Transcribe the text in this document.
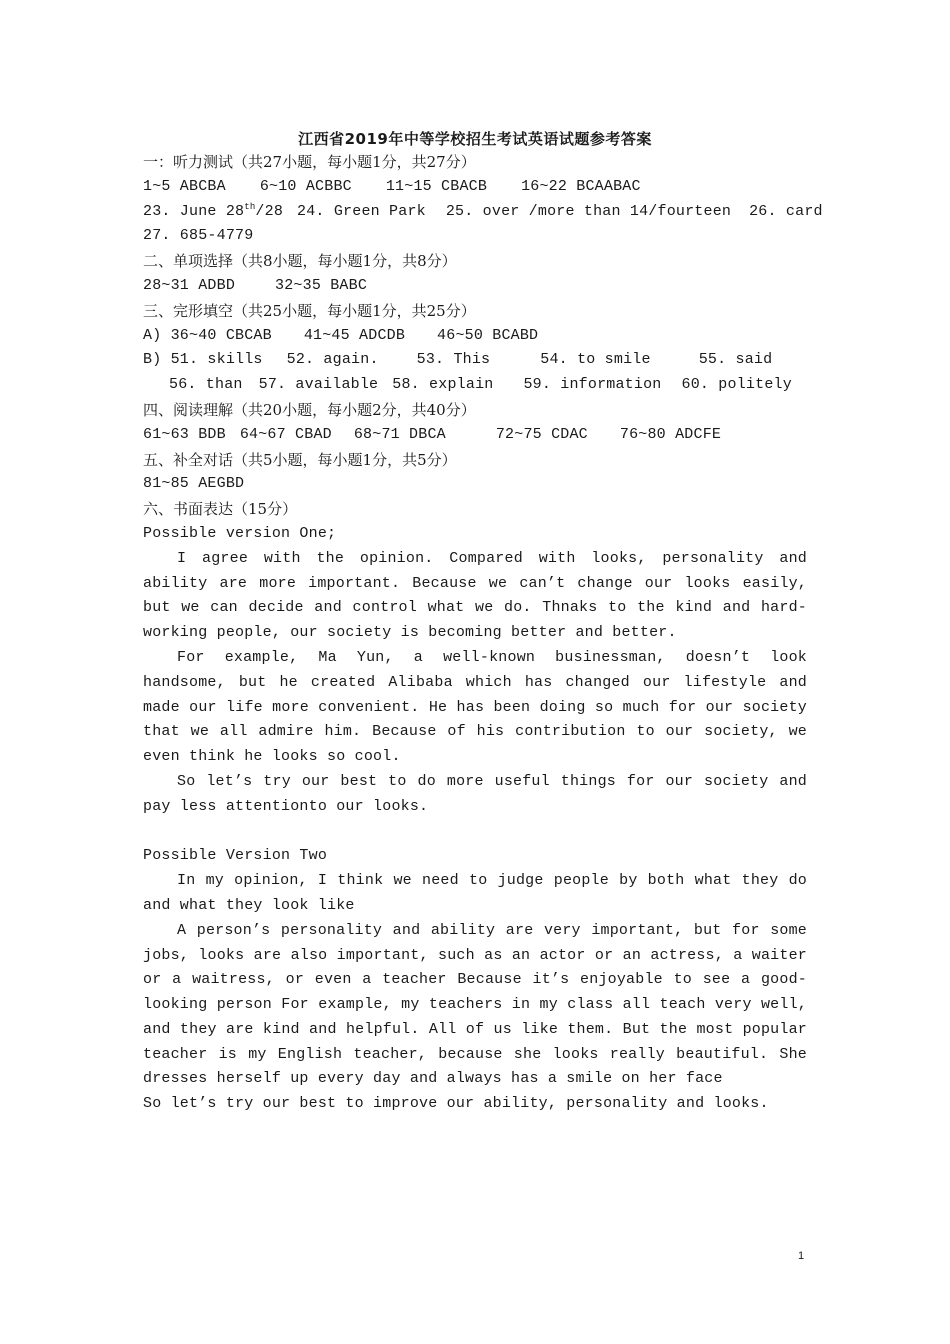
江西省2019年中等学校招生考试英语试题参考答案
一：听力测试（共27小题，每小题1分，共27分）
1~5 ABCBA 6~10 ACBBC 11~15 CBACB 16~22 BCAABAC
23. June 28th/28 24. Green Park 25. over /more than 14/fourteen 26. card
27. 685-4779
二、单项选择（共8小题，每小题1分，共8分）
28~31 ADBD	32~35 BABC
三、完形填空（共25小题，每小题1分，共25分）
A) 36~40 CBCAB 41~45 ADCDB 46~50 BCABD
B) 51. skills 52. again.	53. This	54. to smile	55. said
56. than 57. available 58. explain 59. information 60. politely
四、阅读理解（共20小题，每小题2分，共40分）
61~63 BDB 64~67 CBAD 68~71 DBCA	72~75 CDAC 76~80 ADCFE
五、补全对话（共5小题，每小题1分，共5分）
81~85 AEGBD
六、书面表达（15分）
Possible version One;

I agree with the opinion. Compared with looks, personality and ability are more important. Because we can’t change our looks easily, but we can decide and control what we do. Thnaks to the kind and hard-working people, our society is becoming better and better.

For example, Ma Yun, a well-known businessman, doesn’t look handsome, but he created Alibaba which has changed our lifestyle and made our life more convenient. He has been doing so much for our society that we all admire him. Because of his contribution to our society, we even think he looks so cool.

So let’s try our best to do more useful things for our society and pay less attentionto our looks.

Possible Version Two

In my opinion, I think we need to judge people by both what they do and what they look like

A person’s personality and ability are very important, but for some jobs, looks are also important, such as an actor or an actress, a waiter or a waitress, or even a teacher Because it’s enjoyable to see a good-looking person For example, my teachers in my class all teach very well, and they are kind and helpful. All of us like them. But the most popular teacher is my English teacher, because she looks really beautiful. She dresses herself up every day and always has a smile on her face

So let’s try our best to improve our ability, personality and looks.

1
